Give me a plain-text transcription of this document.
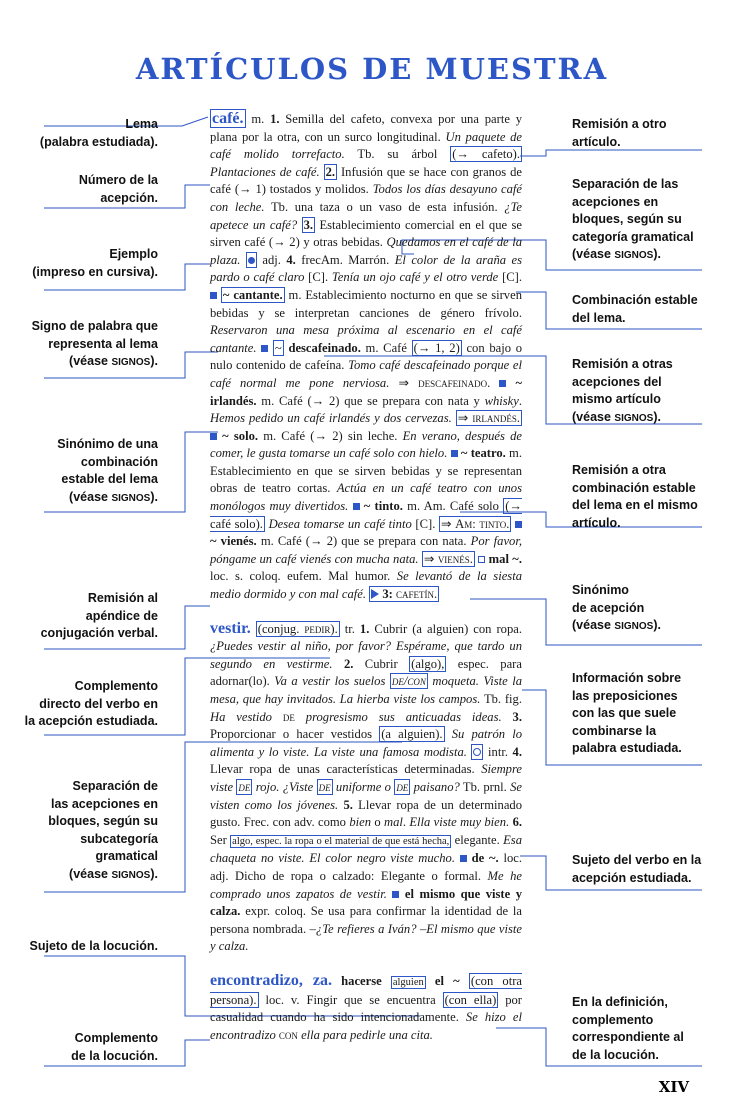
ARTÍCULOS DE MUESTRA
Lema
(palabra estudiada).
Número de la
acepción.
Ejemplo
(impreso en cursiva).
Signo de palabra que
representa al lema
(véase SIGNOS).
Sinónimo de una
combinación
estable del lema
(véase SIGNOS).
Remisión al
apéndice de
conjugación verbal.
Complemento
directo del verbo en
la acepción estudiada.
Separación de
las acepciones en
bloques, según su
subcategoría
gramatical
(véase SIGNOS).
Sujeto de la locución.
Complemento
de la locución.
Remisión a otro
artículo.
Separación de las
acepciones en
bloques, según su
categoría gramatical
(véase SIGNOS).
Combinación estable
del lema.
Remisión a otras
acepciones del
mismo artículo
(véase SIGNOS).
Remisión a otra
combinación estable
del lema en el mismo
artículo.
Sinónimo
de acepción
(véase SIGNOS).
Información sobre
las preposiciones
con las que suele
combinarse la
palabra estudiada.
Sujeto del verbo en la
acepción estudiada.
En la definición,
complemento
correspondiente al
de la locución.

café. m. 1. Semilla del cafeto, convexa por una parte y plana por la otra, con un surco longitudinal. Un paquete de café molido torrefacto. Tb. su árbol (→ cafeto). Plantaciones de café. 2. Infusión que se hace con granos de café (→ 1) tostados y molidos. Todos los días desayuno café con leche. Tb. una taza o un vaso de esta infusión. ¿Te apetece un café? 3. Establecimiento comercial en el que se sirven café (→ 2) y otras bebidas. Quedamos en el café de la plaza.  adj. 4. frecAm. Marrón. El color de la araña es pardo o café claro [C]. Tenía un ojo café y el otro verde [C].  ~ cantante. m. Establecimiento nocturno en que se sirven bebidas y se interpretan canciones de género frívolo. Reservaron una mesa próxima al escenario en el café cantante. ~ descafeinado. m. Café (→ 1, 2) con bajo o nulo contenido de cafeína. Tomo café descafeinado porque el café normal me pone nerviosa. ⇒ descafeinado.  ~ irlandés. m. Café (→ 2) que se prepara con nata y whisky. Hemos pedido un café irlandés y dos cervezas. ⇒ irlandés.  ~ solo. m. Café (→ 2) sin leche. En verano, después de comer, le gusta tomarse un café solo con hielo.  ~ teatro. m. Establecimiento en que se sirven bebidas y se representan obras de teatro cortas. Actúa en un café teatro con unos monólogos muy divertidos.  ~ tinto. m. Am. Café solo (→ café solo). Desea tomarse un café tinto [C]. ⇒ Am: tinto.  ~ vienés. m. Café (→ 2) que se prepara con nata. Por favor, póngame un café vienés con mucha nata. ⇒ vienés.  mal ~. loc. s. coloq. eufem. Mal humor. Se levantó de la siesta medio dormido y con mal café. 3: cafetín.

vestir. (conjug. pedir). tr. 1. Cubrir (a alguien) con ropa. ¿Puedes vestir al niño, por favor? Espérame, que tardo un segundo en vestirme. 2. Cubrir (algo), espec. para adornar(lo). Va a vestir los suelos de/con moqueta. Viste la mesa, que hay invitados. La hierba viste los campos. Tb. fig. Ha vestido de progresismo sus anticuadas ideas. 3. Proporcionar o hacer vestidos (a alguien). Su patrón lo alimenta y lo viste. La viste una famosa modista.  intr. 4. Llevar ropa de unas características determinadas. Siempre viste de rojo. ¿Viste de uniforme o de paisano? Tb. prnl. Se visten como los jóvenes. 5. Llevar ropa de un determinado gusto. Frec. con adv. como bien o mal. Ella viste muy bien. 6. Ser algo, espec. la ropa o el material de que está hecha, elegante. Esa chaqueta no viste. El color negro viste mucho.  de ~. loc. adj. Dicho de ropa o calzado: Elegante o formal. Me he comprado unos zapatos de vestir.  el mismo que viste y calza. expr. coloq. Se usa para confirmar la identidad de la persona nombrada. –¿Te refieres a Iván? –El mismo que viste y calza.

encontradizo, za. hacerse alguien el ~ (con otra persona). loc. v. Fingir que se encuentra (con ella) por casualidad cuando ha sido intencionadamente. Se hizo el encontradizo con ella para pedirle una cita.

XIV
